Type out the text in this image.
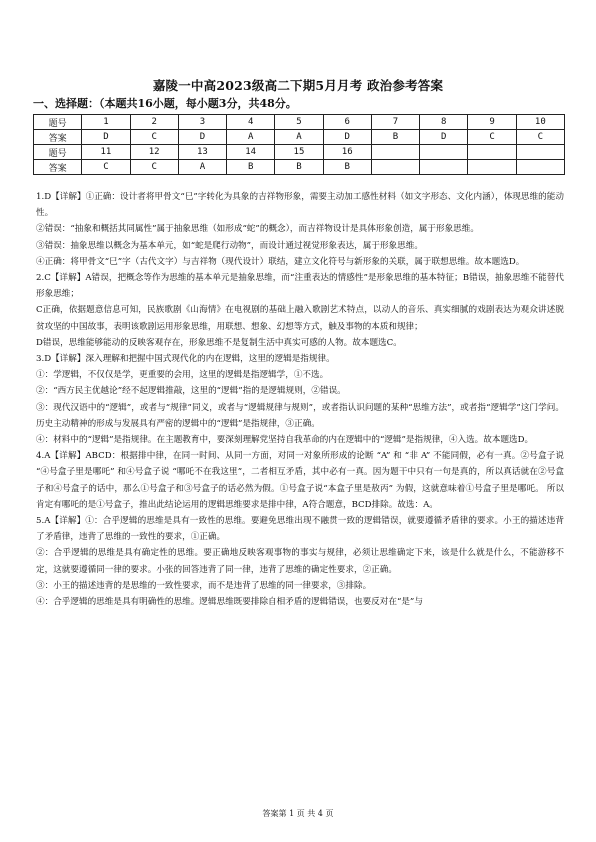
嘉陵一中高2023级高二下期5月月考 政治参考答案
一、选择题：（本题共16小题，每小题3分，共48分。
题号	1	2	3	4	5	6	7	8	9	10
答案	D	C	D	A	A	D	B	D	C	C
题号	11	12	13	14	15	16				
答案	C	C	A	B	B	B				

1.D【详解】①正确：设计者将甲骨文“巳”字转化为具象的吉祥物形象，需要主动加工感性材料（如文字形态、文化内涵），体现思维的能动性。

②错误：“抽象和概括其同属性”属于抽象思维（如形成“蛇”的概念），而吉祥物设计是具体形象创造，属于形象思维。

③错误：抽象思维以概念为基本单元，如“蛇是爬行动物”，而设计通过视觉形象表达，属于形象思维。

④正确：将甲骨文“巳”字（古代文字）与吉祥物（现代设计）联结，建立文化符号与新形象的关联，属于联想思维。故本题选D。

2.C【详解】A错误，把概念等作为思维的基本单元是抽象思维，而“注重表达的情感性”是形象思维的基本特征；B错误，抽象思维不能替代形象思维；

C正确，依据题意信息可知，民族歌剧《山海情》在电视剧的基础上融入歌剧艺术特点，以动人的音乐、真实细腻的戏剧表达为观众讲述脱贫攻坚的中国故事，表明该歌剧运用形象思维，用联想、想象、幻想等方式，触及事物的本质和规律；

D错误，思维能够能动的反映客观存在，形象思维不是复制生活中真实可感的人物。故本题选C。

3.D【详解】深入理解和把握中国式现代化的内在逻辑，这里的逻辑是指规律。

①：学逻辑，不仅仅是学，更重要的会用，这里的逻辑是指逻辑学，①不选。

②：“西方民主优越论”经不起逻辑推敲，这里的“逻辑”指的是逻辑规则，②错误。

③：现代汉语中的“逻辑”，或者与“规律”同义，或者与“逻辑规律与规则”，或者指认识问题的某种“思维方法”，或者指“逻辑学”这门学问。历史主动精神的形成与发展具有严密的逻辑中的“逻辑”是指规律，③正确。

④：材料中的“逻辑”是指规律。在主题教育中，要深刻理解党坚持自我革命的内在逻辑中的“逻辑”是指规律，④入选。故本题选D。

4.A【详解】ABCD：根据排中律，在同一时间、从同一方面，对同一对象所形成的论断 “A” 和 “非 A” 不能同假，必有一真。②号盒子说 “④号盒子里是哪吒” 和④号盒子说 “哪吒不在我这里”，二者相互矛盾，其中必有一真。因为题干中只有一句是真的，所以真话就在②号盒子和④号盒子的话中，那么①号盒子和③号盒子的话必然为假。①号盒子说“本盒子里是敖丙” 为假，这就意味着①号盒子里是哪吒。 所以肯定有哪吒的是①号盒子，推出此结论运用的逻辑思维要求是排中律，A符合题意，BCD排除。故选：A。

5.A【详解】①：合乎逻辑的思维是具有一致性的思维。要避免思维出现不融贯一致的逻辑错误，就要遵循矛盾律的要求。小王的描述违背了矛盾律，违背了思维的一致性的要求，①正确。

②：合乎逻辑的思维是具有确定性的思维。要正确地反映客观事物的事实与规律，必须让思维确定下来，该是什么就是什么，不能游移不定，这就要遵循同一律的要求。小张的回答违背了同一律，违背了思维的确定性要求，②正确。

③：小王的描述违背的是思维的一致性要求，而不是违背了思维的同一律要求，③排除。

④：合乎逻辑的思维是具有明确性的思维。逻辑思维既要排除自相矛盾的逻辑错误，也要反对在“是”与

答案第 1 页 共 4 页
